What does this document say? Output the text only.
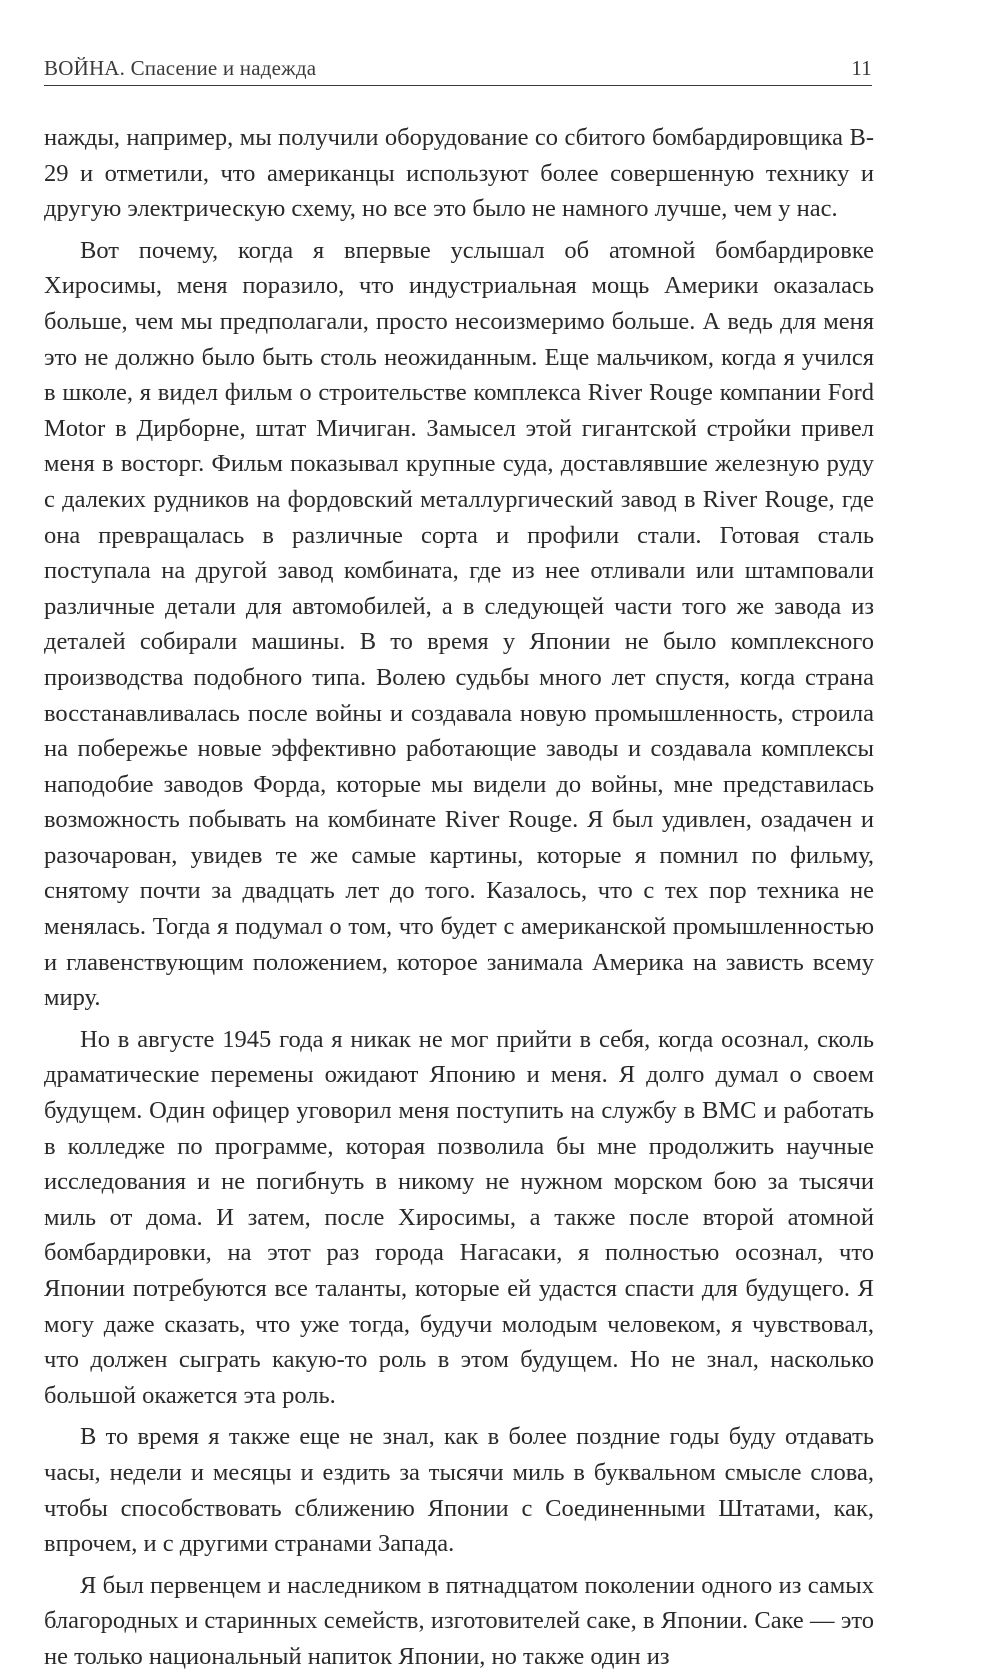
ВОЙНА. Спасение и надежда	11

нажды, например, мы получили оборудование со сбитого бомбардировщика B-29 и отметили, что американцы используют более совершенную технику и другую электрическую схему, но все это было не намного лучше, чем у нас.

Вот почему, когда я впервые услышал об атомной бомбардировке Хиросимы, меня поразило, что индустриальная мощь Америки оказалась больше, чем мы предполагали, просто несоизмеримо больше. А ведь для меня это не должно было быть столь неожиданным. Еще мальчиком, когда я учился в школе, я видел фильм о строительстве комплекса River Rouge компании Ford Motor в Дирборне, штат Мичиган. Замысел этой гигантской стройки привел меня в восторг. Фильм показывал крупные суда, доставлявшие железную руду с далеких рудников на фордовский металлургический завод в River Rouge, где она превращалась в различные сорта и профили стали. Готовая сталь поступала на другой завод комбината, где из нее отливали или штамповали различные детали для автомобилей, а в следующей части того же завода из деталей собирали машины. В то время у Японии не было комплексного производства подобного типа. Волею судьбы много лет спустя, когда страна восстанавливалась после войны и создавала новую промышленность, строила на побережье новые эффективно работающие заводы и создавала комплексы наподобие заводов Форда, которые мы видели до войны, мне представилась возможность побывать на комбинате River Rouge. Я был удивлен, озадачен и разочарован, увидев те же самые картины, которые я помнил по фильму, снятому почти за двадцать лет до того. Казалось, что с тех пор техника не менялась. Тогда я подумал о том, что будет с американской промышленностью и главенствующим положением, которое занимала Америка на зависть всему миру.

Но в августе 1945 года я никак не мог прийти в себя, когда осознал, сколь драматические перемены ожидают Японию и меня. Я долго думал о своем будущем. Один офицер уговорил меня поступить на службу в ВМС и работать в колледже по программе, которая позволила бы мне продолжить научные исследования и не погибнуть в никому не нужном морском бою за тысячи миль от дома. И затем, после Хиросимы, а также после второй атомной бомбардировки, на этот раз города Нагасаки, я полностью осознал, что Японии потребуются все таланты, которые ей удастся спасти для будущего. Я могу даже сказать, что уже тогда, будучи молодым человеком, я чувствовал, что должен сыграть какую-то роль в этом будущем. Но не знал, насколько большой окажется эта роль.

В то время я также еще не знал, как в более поздние годы буду отдавать часы, недели и месяцы и ездить за тысячи миль в буквальном смысле слова, чтобы способствовать сближению Японии с Соединенными Штатами, как, впрочем, и с другими странами Запада.

Я был первенцем и наследником в пятнадцатом поколении одного из самых благородных и старинных семейств, изготовителей саке, в Японии. Саке — это не только национальный напиток Японии, но также один из
